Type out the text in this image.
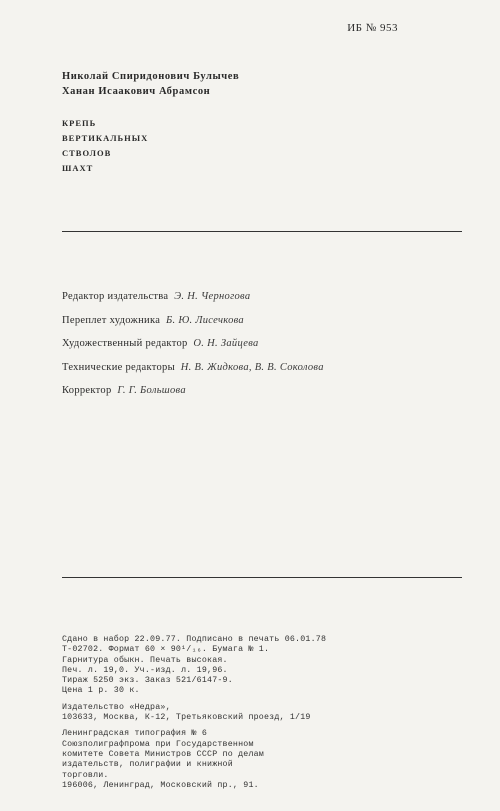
ИБ № 953
Николай Спиридонович Булычев
Ханан Исаакович Абрамсон
КРЕПЬ
ВЕРТИКАЛЬНЫХ
СТВОЛОВ
ШАХТ
Редактор издательства Э. Н. Черногова
Переплет художника Б. Ю. Лисечкова
Художественный редактор О. Н. Зайцева
Технические редакторы Н. В. Жидкова, В. В. Соколова
Корректор Г. Г. Большова
Сдано в набор 22.09.77. Подписано в печать 06.01.78
Т-02702. Формат 60 × 90¹/₁₆. Бумага № 1.
Гарнитура обыкн. Печать высокая.
Печ. л. 19,0. Уч.-изд. л. 19,96.
Тираж 5250 экз. Заказ 521/6147-9.
Цена 1 р. 30 к.
Издательство «Недра»,
103633, Москва, К-12, Третьяковский проезд, 1/19
Ленинградская типография № 6
Союзполиграфпрома при Государственном
комитете Совета Министров СССР по делам
издательств, полиграфии и книжной
торговли.
196006, Ленинград, Московский пр., 91.
